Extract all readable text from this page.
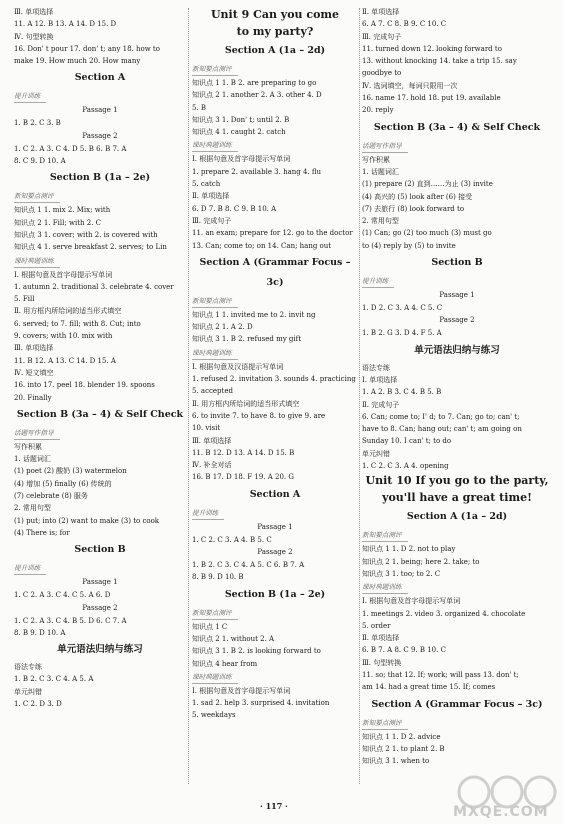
Ⅲ. 单项选择
11. A 12. B 13. A 14. D 15. D
Ⅳ. 句型转换
16. Don' t pour 17. don' t; any 18. how to
make 19. How much 20. How many
Section A
提升训练
Passage 1
1. B 2. C 3. B
Passage 2
1. C 2. A 3. C 4. D 5. B 6. B 7. A
8. C 9. D 10. A
Section B (1a – 2e)
新知要点测评
知识点 1 1. mix 2. Mix; with
知识点 2 1. Fill; with 2. C
知识点 3 1. cover; with 2. is covered with
知识点 4 1. serve breakfast 2. serves; to Lin
课时典题训练
Ⅰ. 根据句意及首字母提示写单词
1. autumn 2. traditional 3. celebrate 4. cover
5. Fill
Ⅱ. 用方框内所给词的适当形式填空
6. served; to 7. fill; with 8. Cut; into
9. covers; with 10. mix with
Ⅲ. 单项选择
11. B 12. A 13. C 14. D 15. A
Ⅳ. 短文填空
16. into 17. peel 18. blender 19. spoons
20. Finally
Section B (3a – 4) & Self Check
话题写作指导
写作积累
1. 话题词汇
(1) poet (2) 酸奶 (3) watermelon
(4) 增加 (5) finally (6) 传统的
(7) celebrate (8) 服务
2. 常用句型
(1) put; into (2) want to make (3) to cook
(4) There is; for
Section B
提升训练
Passage 1
1. C 2. A 3. C 4. C 5. A 6. D
Passage 2
1. C 2. A 3. C 4. B 5. D 6. C 7. A
8. B 9. D 10. A
单元语法归纳与练习
语法专练
1. B 2. C 3. C 4. A 5. A
单元纠错
1. C 2. D 3. D
Unit 9 Can you come
to my party?
Section A (1a – 2d)
新知要点测评
知识点 1 1. B 2. are preparing to go
知识点 2 1. another 2. A 3. other 4. D
5. B
知识点 3 1. Don' t; until 2. B
知识点 4 1. caught 2. catch
课时典题训练
Ⅰ. 根据句意及首字母提示写单词
1. prepare 2. available 3. hang 4. flu
5. catch
Ⅱ. 单项选择
6. D 7. B 8. C 9. B 10. A
Ⅲ. 完成句子
11. an exam; prepare for 12. go to the doctor
13. Can; come to; on 14. Can; hang out
Section A (Grammar Focus – 3c)
新知要点测评
知识点 1 1. invited me to 2. invit ng
知识点 2 1. A 2. D
知识点 3 1. B 2. refused my gift
课时典题训练
Ⅰ. 根据句意及汉语提示写单词
1. refused 2. invitation 3. sounds 4. practicing
5. accepted
Ⅱ. 用方框内所给词的适当形式填空
6. to invite 7. to have 8. to give 9. are
10. visit
Ⅲ. 单项选择
11. B 12. D 13. A 14. D 15. B
Ⅳ. 补全对话
16. B 17. D 18. F 19. A 20. G
Section A
提升训练
Passage 1
1. C 2. C 3. A 4. B 5. C
Passage 2
1. B 2. C 3. C 4. A 5. C 6. B 7. A
8. B 9. D 10. B
Section B (1a – 2e)
新知要点测评
知识点 1 C
知识点 2 1. without 2. A
知识点 3 1. B 2. is looking forward to
知识点 4 hear from
课时典题训练
Ⅰ. 根据句意及首字母提示写单词
1. sad 2. help 3. surprised 4. invitation
5. weekdays
Ⅱ. 单项选择
6. A 7. C 8. B 9. C 10. C
Ⅲ. 完成句子
11. turned down 12. looking forward to
13. without knocking 14. take a trip 15. say
goodbye to
Ⅳ. 选词填空，每词只限用一次
16. name 17. hold 18. put 19. available
20. reply
Section B (3a – 4) & Self Check
话题写作指导
写作积累
1. 话题词汇
(1) prepare (2) 直到……为止 (3) invite
(4) 高兴的 (5) look after (6) 接受
(7) 去旅行 (8) look forward to
2. 常用句型
(1) Can; go (2) too much (3) must go
to (4) reply by (5) to invite
Section B
提升训练
Passage 1
1. D 2. C 3. A 4. C 5. C
Passage 2
1. B 2. G 3. D 4. F 5. A
单元语法归纳与练习
语法专练
Ⅰ. 单项选择
1. A 2. B 3. C 4. B 5. B
Ⅱ. 完成句子
6. Can; come to; I' d; to 7. Can; go to; can' t;
have to 8. Can; hang out; can' t; am going on
Sunday 10. I can' t; to do
单元纠错
1. C 2. C 3. A 4. opening
Unit 10 If you go to the party,
you'll have a great time!
Section A (1a – 2d)
新知要点测评
知识点 1 1. D 2. not to play
知识点 2 1. being; here 2. take; to
知识点 3 1. too; to 2. C
课时典题训练
Ⅰ. 根据句意及首字母提示写单词
1. meetings 2. video 3. organized 4. chocolate
5. order
Ⅱ. 单项选择
6. B 7. A 8. C 9. B 10. C
Ⅲ. 句型转换
11. so; that 12. If; work; will pass 13. don' t;
am 14. had a great time 15. If; comes
Section A (Grammar Focus – 3c)
新知要点测评
知识点 1 1. D 2. advice
知识点 2 1. to plant 2. B
知识点 3 1. when to
· 117 ·	MXQE.COM
